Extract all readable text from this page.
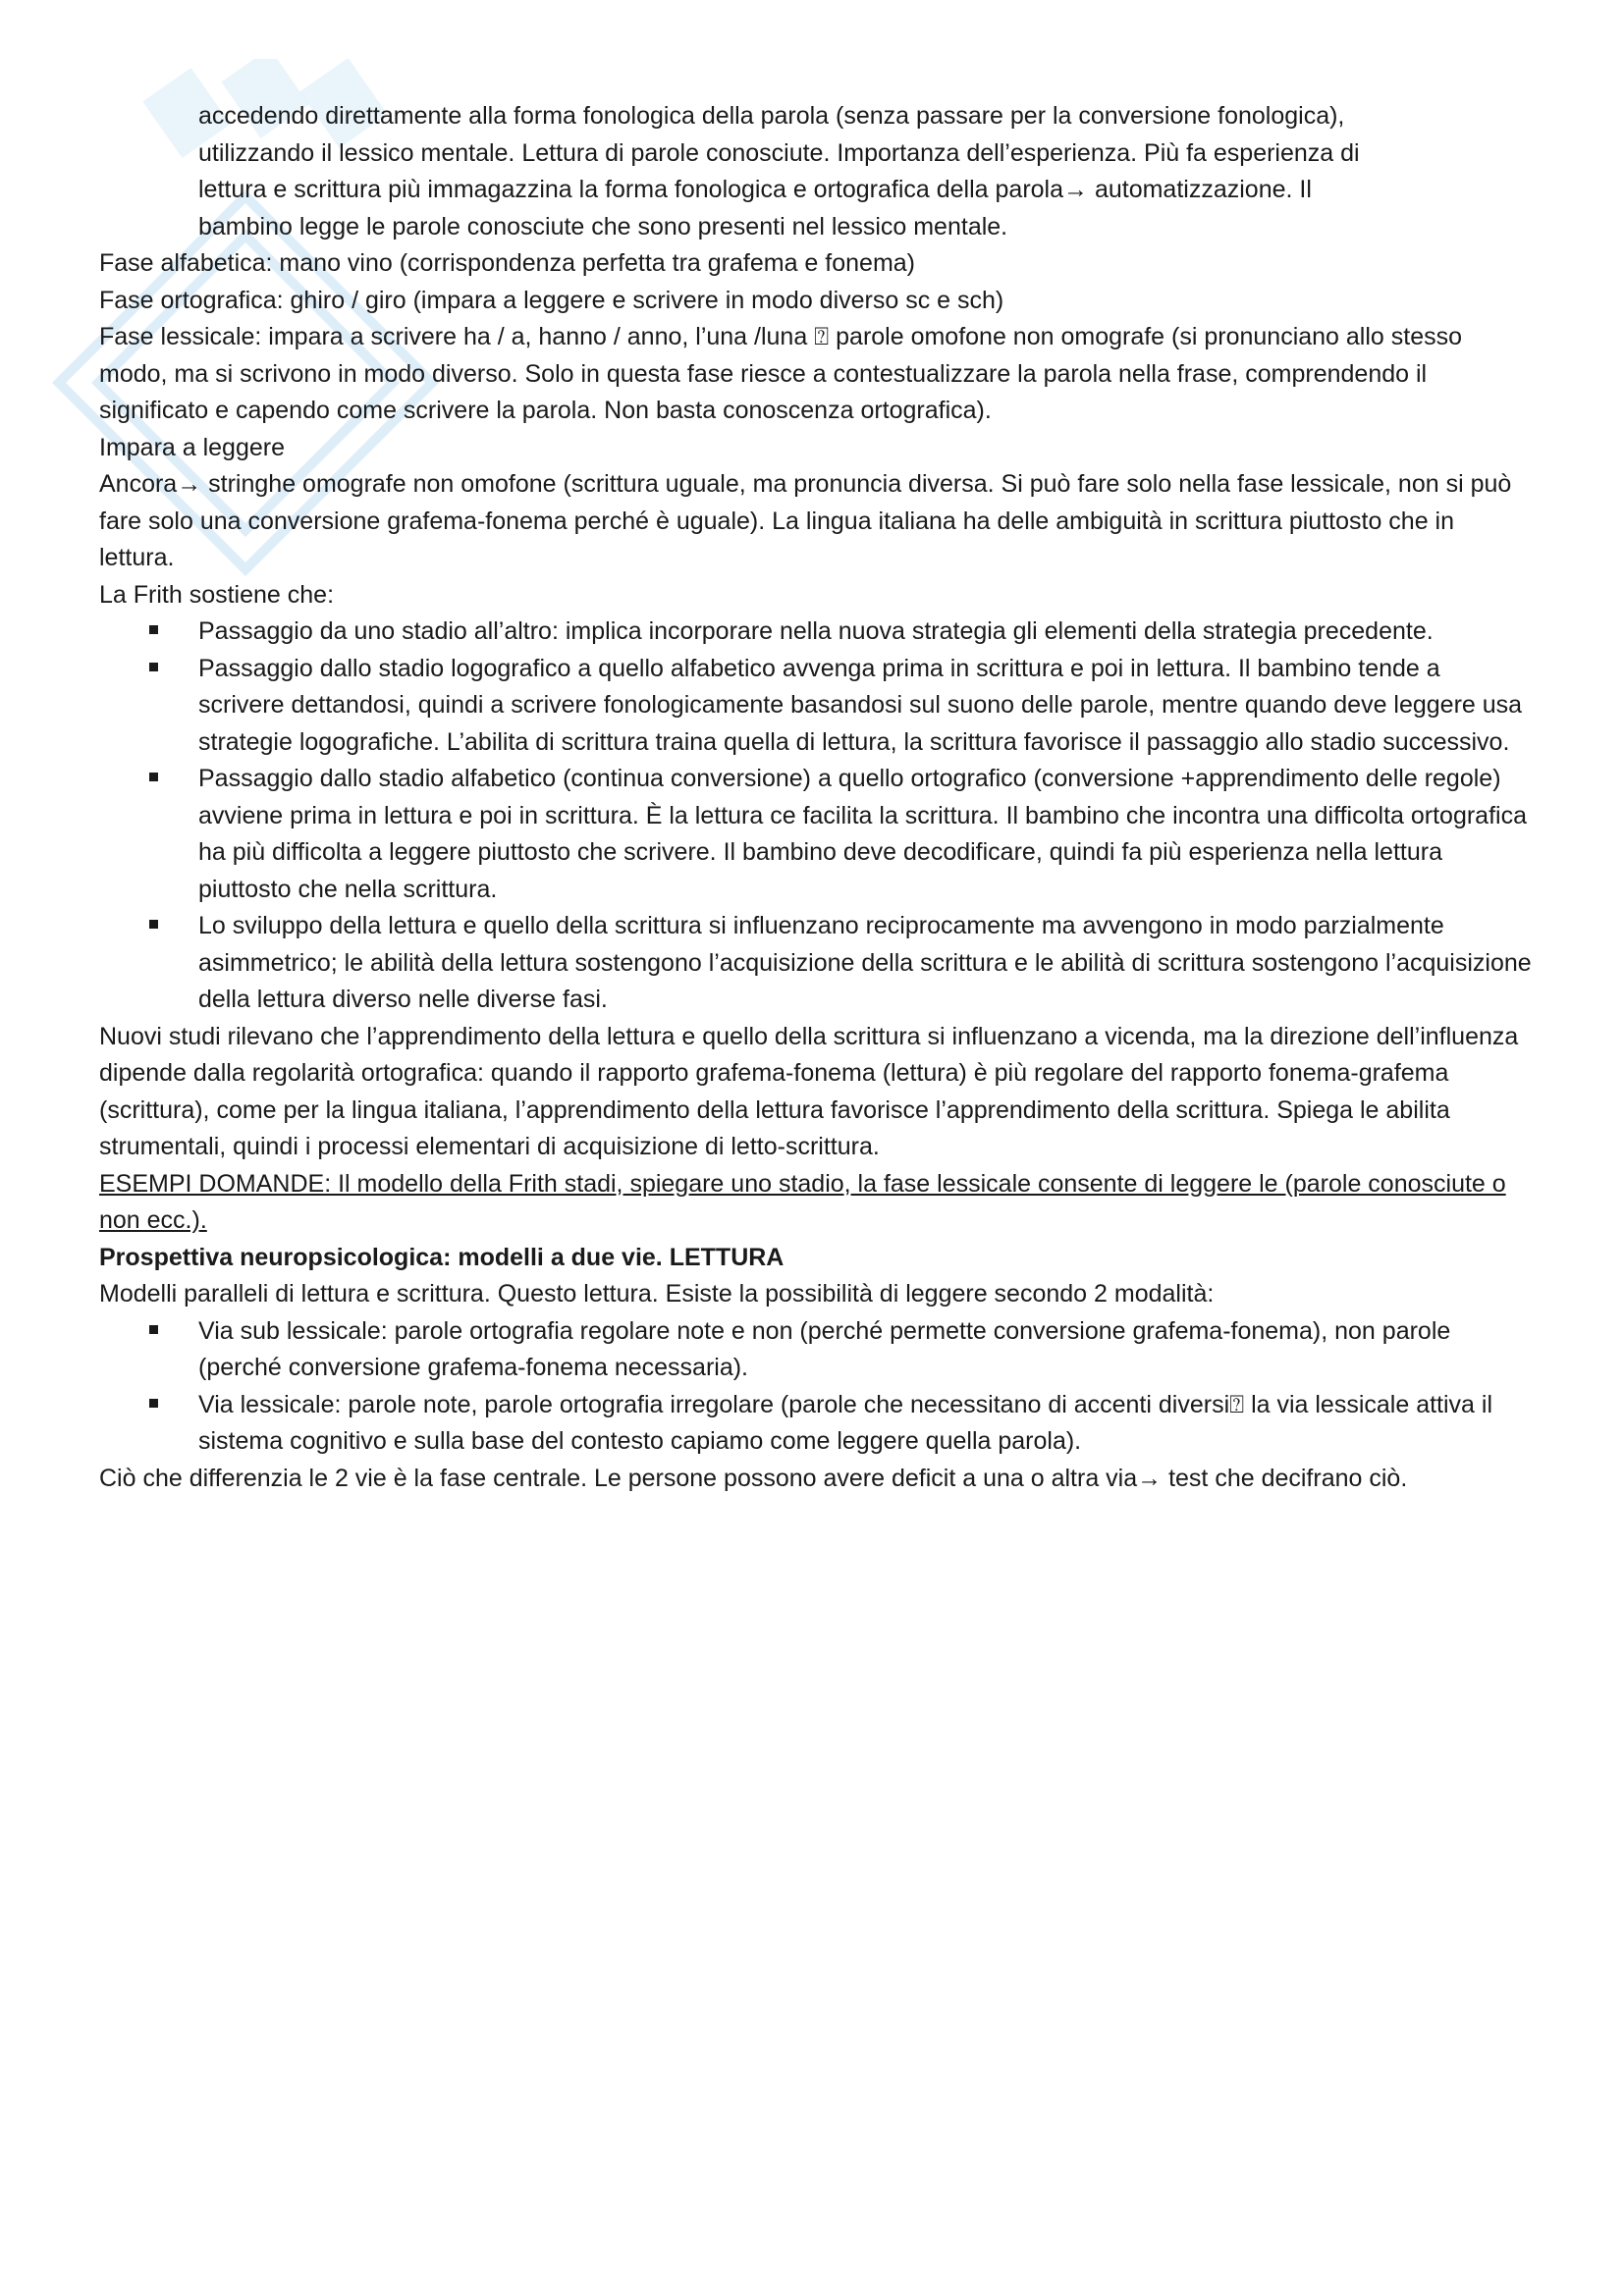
accedendo direttamente alla forma fonologica della parola (senza passare per la conversione fonologica),

utilizzando il lessico mentale. Lettura di parole conosciute. Importanza dell’esperienza. Più fa esperienza di

lettura e scrittura più immagazzina la forma fonologica e ortografica della parola→ automatizzazione. Il

bambino legge le parole conosciute che sono presenti nel lessico mentale.

Fase alfabetica: mano vino (corrispondenza perfetta tra grafema e fonema)

Fase ortografica: ghiro / giro (impara a leggere e scrivere in modo diverso sc e sch)

Fase lessicale: impara a scrivere ha / a, hanno / anno, l’una /luna ⍰ parole omofone non omografe (si pronunciano allo stesso modo, ma si scrivono in modo diverso. Solo in questa fase riesce a contestualizzare la parola nella frase, comprendendo il significato e capendo come scrivere la parola. Non basta conoscenza ortografica).

Impara a leggere

Ancora→ stringhe omografe non omofone (scrittura uguale, ma pronuncia diversa. Si può fare solo nella fase lessicale, non si può fare solo una conversione grafema-fonema perché è uguale). La lingua italiana ha delle ambiguità in scrittura piuttosto che in lettura.

La Frith sostiene che:

Passaggio da uno stadio all’altro: implica incorporare nella nuova strategia gli elementi della strategia precedente.
Passaggio dallo stadio logografico a quello alfabetico avvenga prima in scrittura e poi in lettura. Il bambino tende a scrivere dettandosi, quindi a scrivere fonologicamente basandosi sul suono delle parole, mentre quando deve leggere usa strategie logografiche. L’abilita di scrittura traina quella di lettura, la scrittura favorisce il passaggio allo stadio successivo.
Passaggio dallo stadio alfabetico (continua conversione) a quello ortografico (conversione +apprendimento delle regole) avviene prima in lettura e poi in scrittura. È la lettura ce facilita la scrittura. Il bambino che incontra una difficolta ortografica ha più difficolta a leggere piuttosto che scrivere. Il bambino deve decodificare, quindi fa più esperienza nella lettura piuttosto che nella scrittura.
Lo sviluppo della lettura e quello della scrittura si influenzano reciprocamente ma avvengono in modo parzialmente asimmetrico; le abilità della lettura sostengono l’acquisizione della scrittura e le abilità di scrittura sostengono l’acquisizione della lettura diverso nelle diverse fasi.

Nuovi studi rilevano che l’apprendimento della lettura e quello della scrittura si influenzano a vicenda, ma la direzione dell’influenza dipende dalla regolarità ortografica: quando il rapporto grafema-fonema (lettura) è più regolare del rapporto fonema-grafema (scrittura), come per la lingua italiana, l’apprendimento della lettura favorisce l’apprendimento della scrittura. Spiega le abilita strumentali, quindi i processi elementari di acquisizione di letto-scrittura.

ESEMPI DOMANDE: Il modello della Frith stadi, spiegare uno stadio, la fase lessicale consente di leggere le (parole conosciute o non ecc.).

Prospettiva neuropsicologica: modelli a due vie. LETTURA

Modelli paralleli di lettura e scrittura. Questo lettura. Esiste la possibilità di leggere secondo 2 modalità:

Via sub lessicale: parole ortografia regolare note e non (perché permette conversione grafema-fonema), non parole (perché conversione grafema-fonema necessaria).
Via lessicale: parole note, parole ortografia irregolare (parole che necessitano di accenti diversi⍰ la via lessicale attiva il sistema cognitivo e sulla base del contesto capiamo come leggere quella parola).

Ciò che differenzia le 2 vie è la fase centrale. Le persone possono avere deficit a una o altra via→ test che decifrano ciò.
